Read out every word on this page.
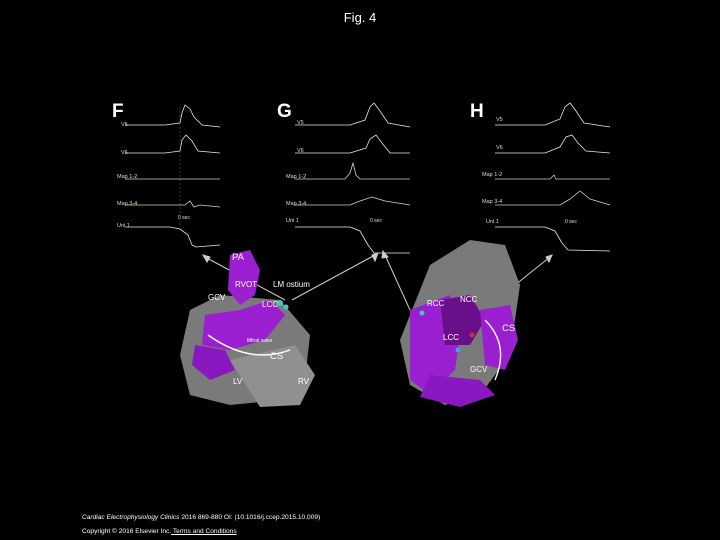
Fig. 4
F	G	H
V5
V6
Map 1-2
Map 3-4
Uni 1
0 sec
V5
V6
Map 1-2
Map 3-4
Uni 1	0 sec
V5
V6
Map 1-2
Map 3-4
Uni 1	0 sec
PA
RVOT LM ostium
GCV
LCC
Mitral valve
CS
LV	RV
RCC NCC
LCC
CS
GCV
Cardiac Electrophysiology Clinics 2016 869-880 OI: (10.1016/j.ccep.2015.10.009)
Copyright © 2016 Elsevier Inc. Terms and Conditions
